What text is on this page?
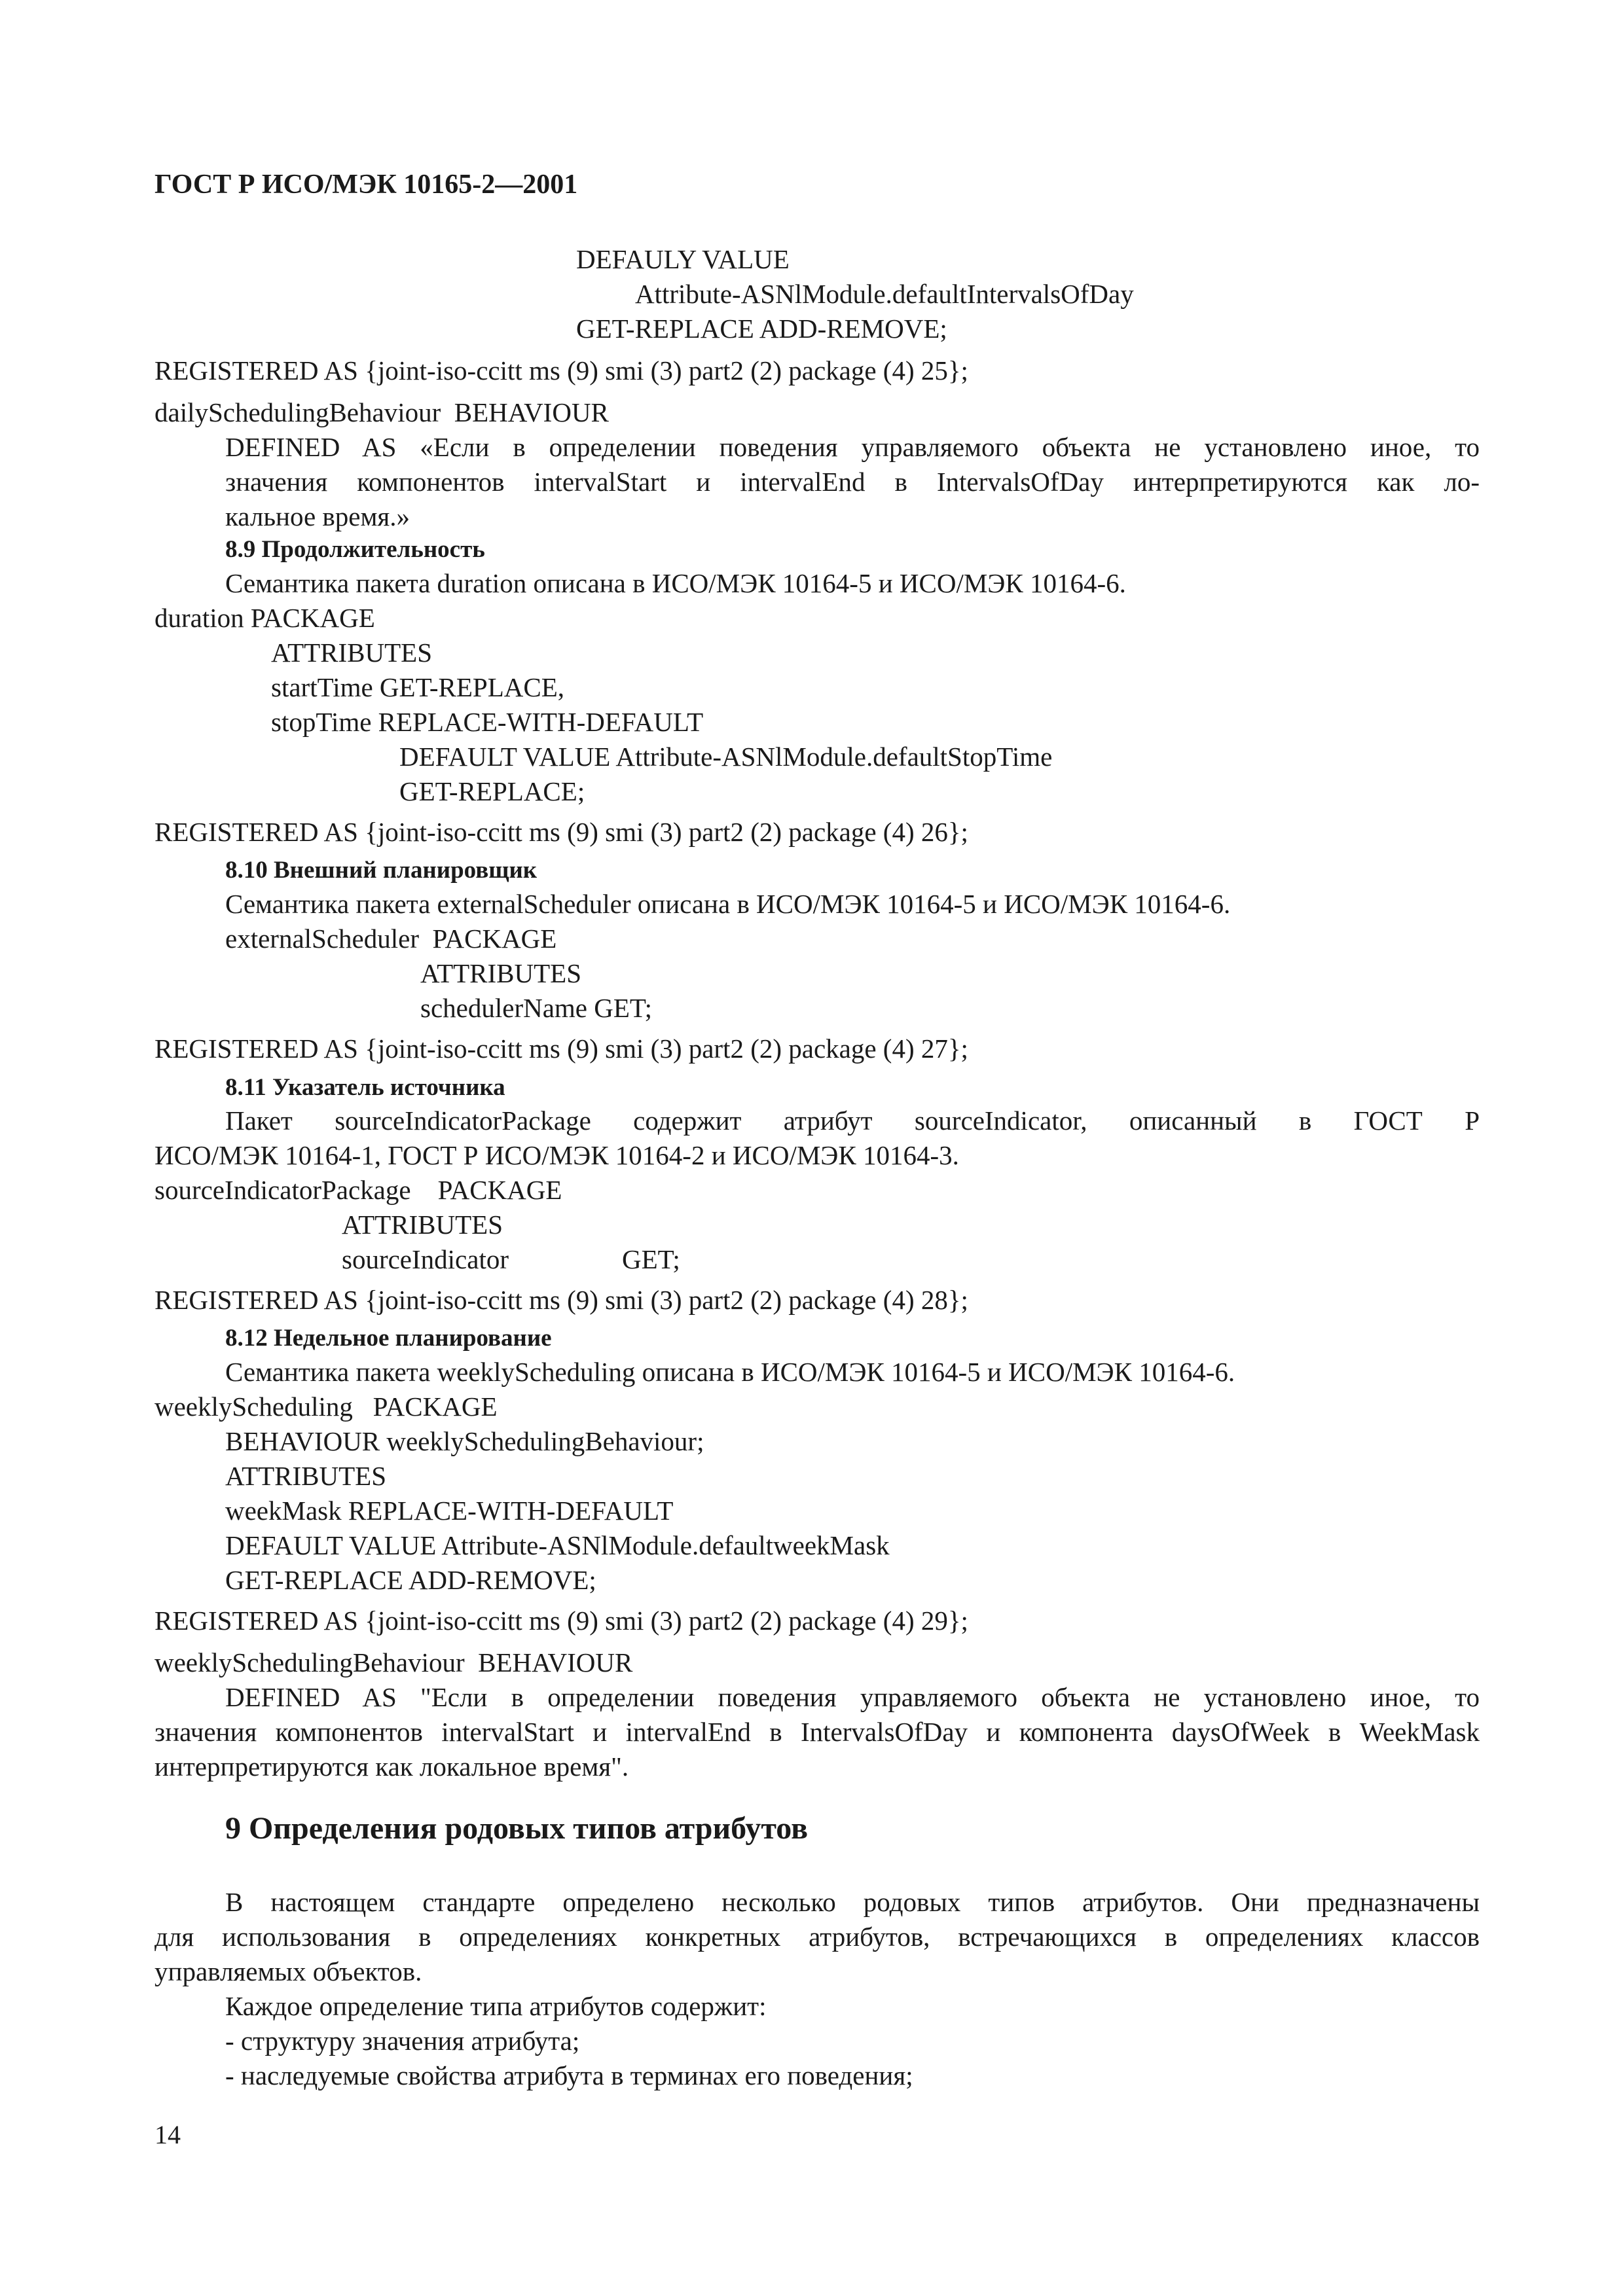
ГОСТ Р ИСО/МЭК 10165-2—2001
DEFAULY VALUE
Attribute-ASNlModule.defaultIntervalsOfDay
GET-REPLACE ADD-REMOVE;
REGISTERED AS {joint-iso-ccitt ms (9) smi (3) part2 (2) package (4) 25};
dailySchedulingBehaviour  BEHAVIOUR
DEFINED AS «Если в определении поведения управляемого объекта не установлено иное, то
значения компонентов intervalStart и intervalEnd в IntervalsOfDay интерпретируются как ло-
кальное время.»
8.9 Продолжительность
Семантика пакета duration описана в ИСО/МЭК 10164-5 и ИСО/МЭК 10164-6.
duration PACKAGE
ATTRIBUTES
startTime GET-REPLACE,
stopTime REPLACE-WITH-DEFAULT
DEFAULT VALUE Attribute-ASNlModule.defaultStopTime
GET-REPLACE;
REGISTERED AS {joint-iso-ccitt ms (9) smi (3) part2 (2) package (4) 26};
8.10 Внешний планировщик
Семантика пакета externalScheduler описана в ИСО/МЭК 10164-5 и ИСО/МЭК 10164-6.
externalScheduler  PACKAGE
ATTRIBUTES
schedulerName GET;
REGISTERED AS {joint-iso-ccitt ms (9) smi (3) part2 (2) package (4) 27};
8.11 Указатель источника
Пакет sourceIndicatorPackage содержит атрибут sourceIndicator, описанный в ГОСТ Р
ИСО/МЭК 10164-1, ГОСТ Р ИСО/МЭК 10164-2 и ИСО/МЭК 10164-3.
sourceIndicatorPackage    PACKAGE
ATTRIBUTES
sourceIndicator	GET;
REGISTERED AS {joint-iso-ccitt ms (9) smi (3) part2 (2) package (4) 28};
8.12 Недельное планирование
Семантика пакета weeklyScheduling описана в ИСО/МЭК 10164-5 и ИСО/МЭК 10164-6.
weeklyScheduling   PACKAGE
BEHAVIOUR weeklySchedulingBehaviour;
ATTRIBUTES
weekMask REPLACE-WITH-DEFAULT
DEFAULT VALUE Attribute-ASNlModule.defaultweekMask
GET-REPLACE ADD-REMOVE;
REGISTERED AS {joint-iso-ccitt ms (9) smi (3) part2 (2) package (4) 29};
weeklySchedulingBehaviour  BEHAVIOUR
DEFINED AS "Если в определении поведения управляемого объекта не установлено иное, то
значения компонентов intervalStart и intervalEnd в IntervalsOfDay и компонента daysOfWeek в WeekMask
интерпретируются как локальное время".
9 Определения родовых типов атрибутов
В настоящем стандарте определено несколько родовых типов атрибутов. Они предназначены
для использования в определениях конкретных атрибутов, встречающихся в определениях классов
управляемых объектов.
Каждое определение типа атрибутов содержит:
- структуру значения атрибута;
- наследуемые свойства атрибута в терминах его поведения;
14
